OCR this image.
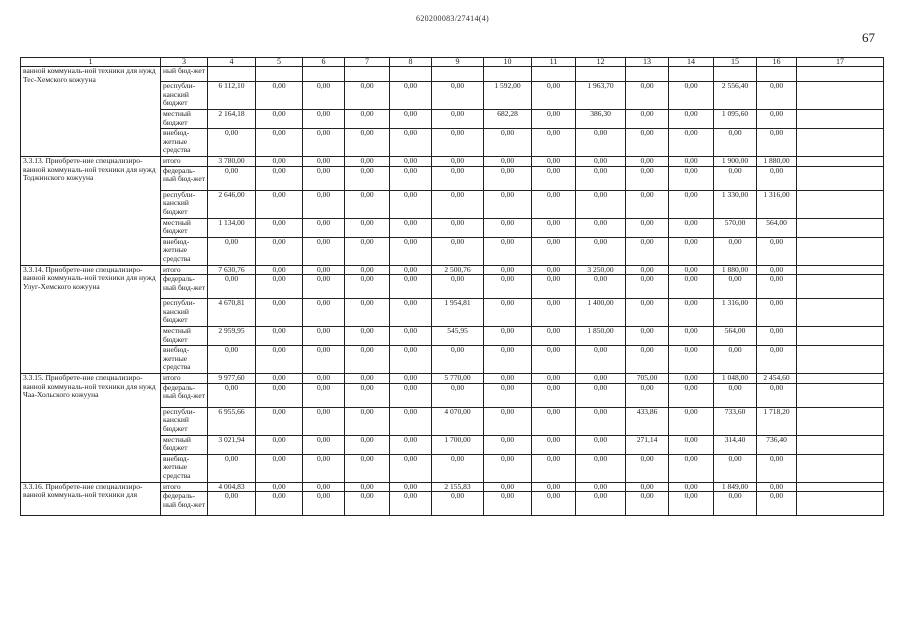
620200083/27414(4)
67
1		3	4	5	6	7	8	9	10	11	12	13	14	15	16	17
ванной коммуналь-ной техники для нужд Тес-Хемского кожууна		ный бюд-жет														
	республи-канский бюджет	6 112,10	0,00	0,00	0,00	0,00	0,00	1 592,00	0,00	1 963,70	0,00	0,00	2 556,40	0,00	
	местный бюджет	2 164,18	0,00	0,00	0,00	0,00	0,00	682,28	0,00	386,30	0,00	0,00	1 095,60	0,00	
	внебюд-жетные средства	0,00	0,00	0,00	0,00	0,00	0,00	0,00	0,00	0,00	0,00	0,00	0,00	0,00	
3.3.13. Приобрете-ние специализиро-ванной коммуналь-ной техники для нужд Тоджинского кожууна		итого	3 780,00	0,00	0,00	0,00	0,00	0,00	0,00	0,00	0,00	0,00	0,00	1 900,00	1 880,00	
	федераль-ный бюд-жет	0,00	0,00	0,00	0,00	0,00	0,00	0,00	0,00	0,00	0,00	0,00	0,00	0,00	
	республи-канский бюджет	2 646,00	0,00	0,00	0,00	0,00	0,00	0,00	0,00	0,00	0,00	0,00	1 330,00	1 316,00	
	местный бюджет	1 134,00	0,00	0,00	0,00	0,00	0,00	0,00	0,00	0,00	0,00	0,00	570,00	564,00	
	внебюд-жетные средства	0,00	0,00	0,00	0,00	0,00	0,00	0,00	0,00	0,00	0,00	0,00	0,00	0,00	
3.3.14. Приобрете-ние специализиро-ванной коммуналь-ной техники для нужд Улуг-Хемского кожууна		итого	7 630,76	0,00	0,00	0,00	0,00	2 500,76	0,00	0,00	3 250,00	0,00	0,00	1 880,00	0,00	
	федераль-ный бюд-жет	0,00	0,00	0,00	0,00	0,00	0,00	0,00	0,00	0,00	0,00	0,00	0,00	0,00	
	республи-канский бюджет	4 670,81	0,00	0,00	0,00	0,00	1 954,81	0,00	0,00	1 400,00	0,00	0,00	1 316,00	0,00	
	местный бюджет	2 959,95	0,00	0,00	0,00	0,00	545,95	0,00	0,00	1 850,00	0,00	0,00	564,00	0,00	
	внебюд-жетные средства	0,00	0,00	0,00	0,00	0,00	0,00	0,00	0,00	0,00	0,00	0,00	0,00	0,00	
3.3.15. Приобрете-ние специализиро-ванной коммуналь-ной техники для нужд Чаа-Хольского кожууна		итого	9 977,60	0,00	0,00	0,00	0,00	5 770,00	0,00	0,00	0,00	705,00	0,00	1 048,00	2 454,60	
	федераль-ный бюд-жет	0,00	0,00	0,00	0,00	0,00	0,00	0,00	0,00	0,00	0,00	0,00	0,00	0,00	
	республи-канский бюджет	6 955,66	0,00	0,00	0,00	0,00	4 070,00	0,00	0,00	0,00	433,86	0,00	733,60	1 718,20	
	местный бюджет	3 021,94	0,00	0,00	0,00	0,00	1 700,00	0,00	0,00	0,00	271,14	0,00	314,40	736,40	
	внебюд-жетные средства	0,00	0,00	0,00	0,00	0,00	0,00	0,00	0,00	0,00	0,00	0,00	0,00	0,00	
3.3.16. Приобрете-ние специализиро-ванной коммуналь-ной техники для		итого	4 004,83	0,00	0,00	0,00	0,00	2 155,83	0,00	0,00	0,00	0,00	0,00	1 849,00	0,00	
	федераль-ный бюд-жет	0,00	0,00	0,00	0,00	0,00	0,00	0,00	0,00	0,00	0,00	0,00	0,00	0,00	
